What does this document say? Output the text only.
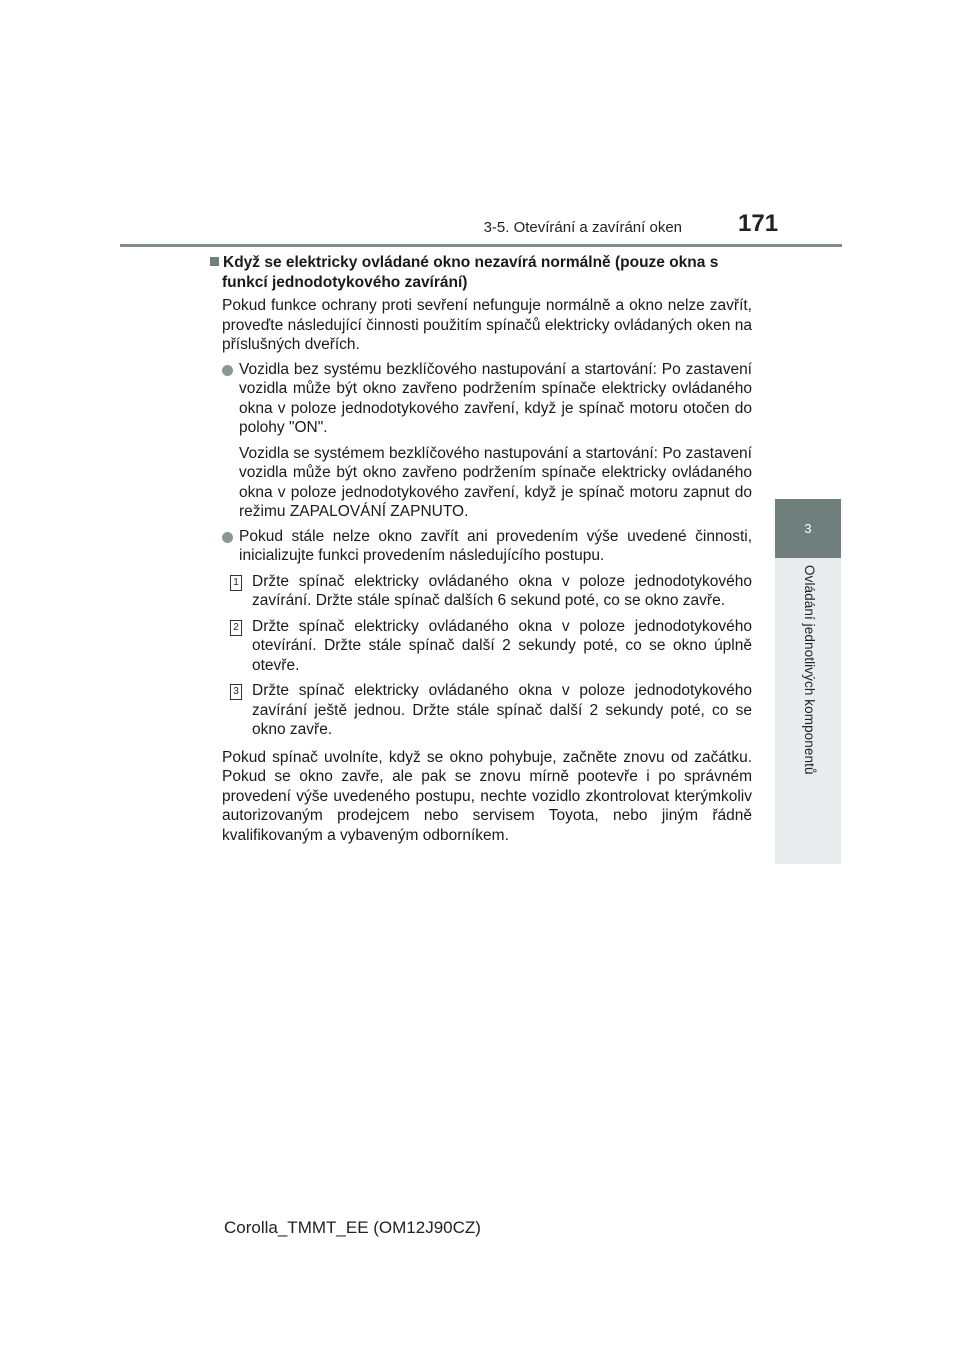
3-5. Otevírání a zavírání oken 171
3
Ovládání jednotlivých komponentů

Když se elektricky ovládané okno nezavírá normálně (pouze okna s funkcí jednodotykového zavírání)

Pokud funkce ochrany proti sevření nefunguje normálně a okno nelze zavřít, proveďte následující činnosti použitím spínačů elektricky ovládaných oken na příslušných dveřích.

Vozidla bez systému bezklíčového nastupování a startování: Po zastavení vozidla může být okno zavřeno podržením spínače elektricky ovládaného okna v poloze jednodotykového zavření, když je spínač motoru otočen do polohy "ON".

Vozidla se systémem bezklíčového nastupování a startování: Po zastavení vozidla může být okno zavřeno podržením spínače elektricky ovládaného okna v poloze jednodotykového zavření, když je spínač motoru zapnut do režimu ZAPALOVÁNÍ ZAPNUTO.

Pokud stále nelze okno zavřít ani provedením výše uvedené činnosti, inicializujte funkci provedením následujícího postupu.
1 Držte spínač elektricky ovládaného okna v poloze jednodotykového zavírání. Držte stále spínač dalších 6 sekund poté, co se okno zavře.
2 Držte spínač elektricky ovládaného okna v poloze jednodotykového otevírání. Držte stále spínač další 2 sekundy poté, co se okno úplně otevře.
3 Držte spínač elektricky ovládaného okna v poloze jednodotykového zavírání ještě jednou. Držte stále spínač další 2 sekundy poté, co se okno zavře.

Pokud spínač uvolníte, když se okno pohybuje, začněte znovu od začátku. Pokud se okno zavře, ale pak se znovu mírně pootevře i po správném provedení výše uvedeného postupu, nechte vozidlo zkontrolovat kterýmkoliv autorizovaným prodejcem nebo servisem Toyota, nebo jiným řádně kvalifikovaným a vybaveným odborníkem.

Corolla_TMMT_EE (OM12J90CZ)
